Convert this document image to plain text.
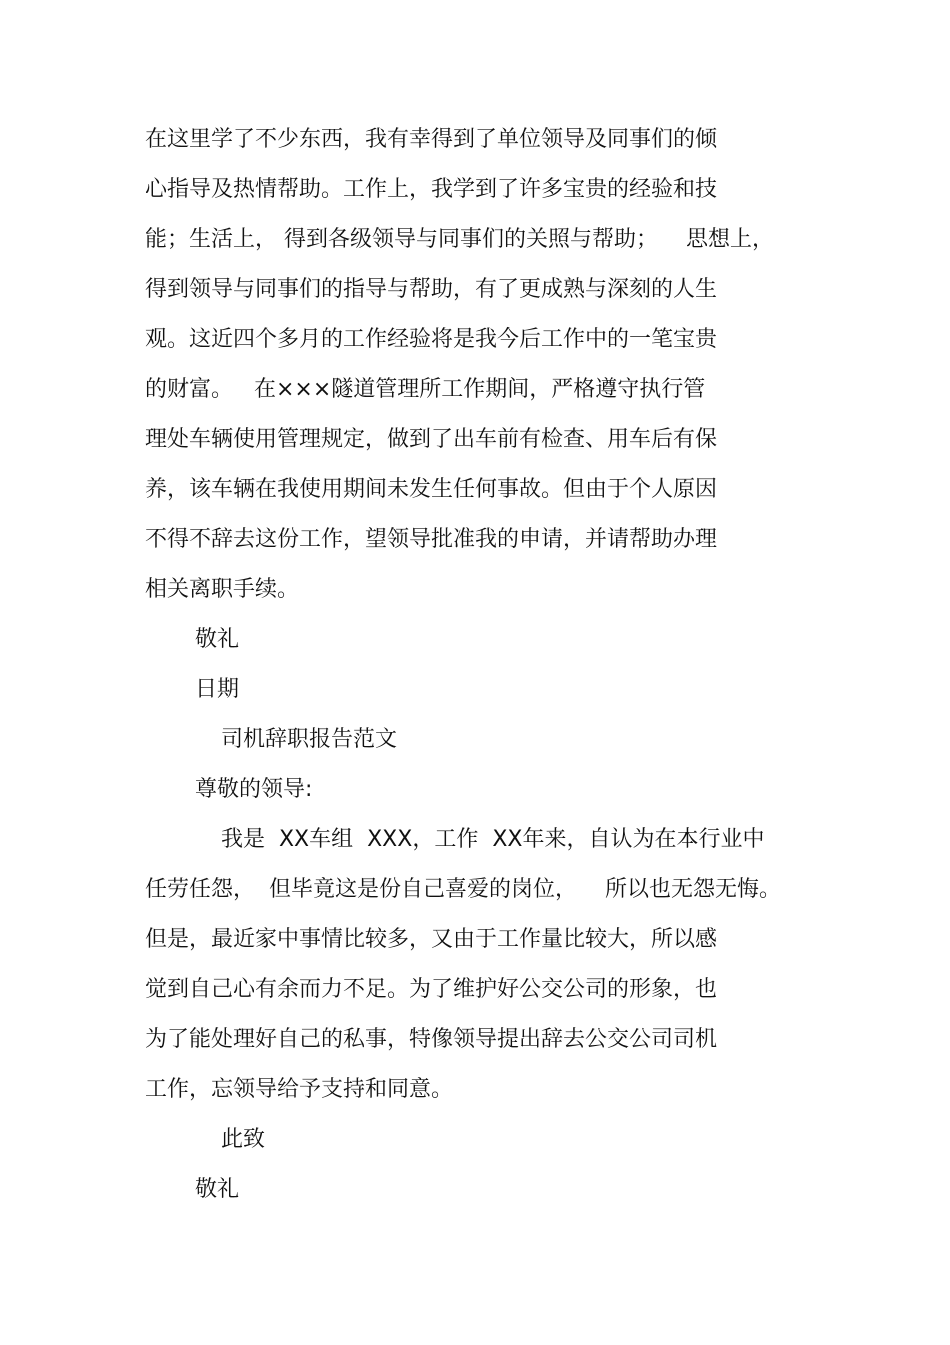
在这里学了不少东西，我有幸得到了单位领导及同事们的倾
心指导及热情帮助。工作上，我学到了许多宝贵的经验和技
能；生活上， 得到各级领导与同事们的关照与帮助；    思想上，
得到领导与同事们的指导与帮助，有了更成熟与深刻的人生
观。这近四个多月的工作经验将是我今后工作中的一笔宝贵
的财富。   在×××隧道管理所工作期间，严格遵守执行管
理处车辆使用管理规定，做到了出车前有检查、用车后有保
养，该车辆在我使用期间未发生任何事故。但由于个人原因
不得不辞去这份工作，望领导批准我的申请，并请帮助办理
相关离职手续。
敬礼
日期
司机辞职报告范文
尊敬的领导:
我是  XX车组  XXX，工作  XX年来，自认为在本行业中
任劳任怨，  但毕竟这是份自己喜爱的岗位，    所以也无怨无悔。
但是，最近家中事情比较多，又由于工作量比较大，所以感
觉到自己心有余而力不足。为了维护好公交公司的形象，也
为了能处理好自己的私事，特像领导提出辞去公交公司司机
工作，忘领导给予支持和同意。
此致
敬礼
